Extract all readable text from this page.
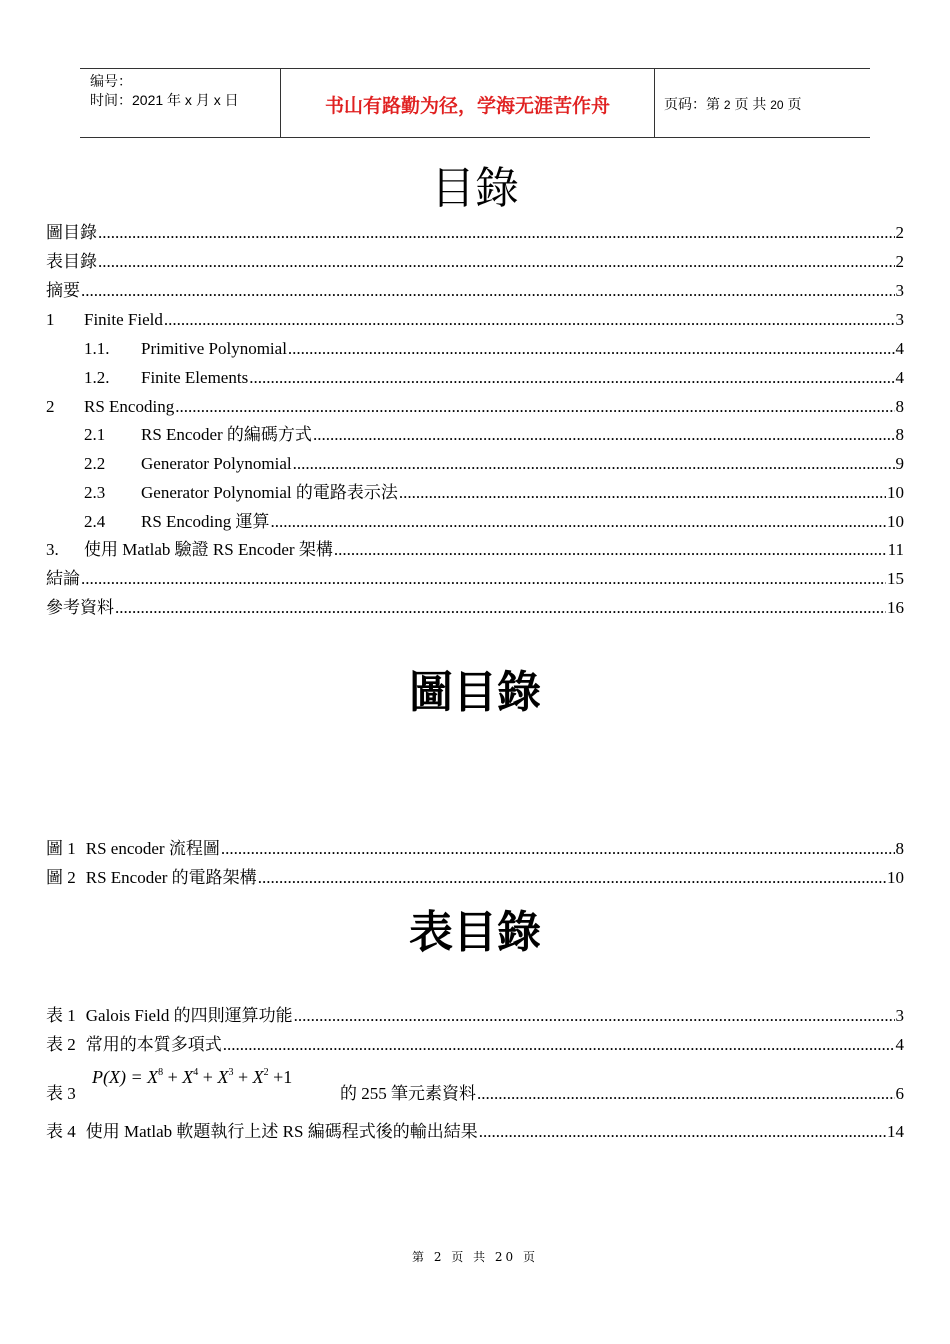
编号：
时间：2021 年 x 月 x 日	书山有路勤为径，学海无涯苦作舟	页码：第 2 页 共 20 页
目錄
圖目錄 .....	2
表目錄 .....	2
摘要 .....	3
1	Finite Field .....	3
1.1.	Primitive Polynomial .....	4
1.2.	Finite Elements .....	4
2	RS Encoding .....	8
2.1	RS Encoder 的編碼方式 .....	8
2.2	Generator Polynomial .....	9
2.3	Generator Polynomial 的電路表示法 .....	10
2.4	RS Encoding 運算 .....	10
3.	使用 Matlab 驗證 RS Encoder 架構 .....	11
結論 .....	15
參考資料 .....	16
圖目錄
圖 1 RS encoder 流程圖 .....	8
圖 2 RS Encoder 的電路架構 .....	10
表目錄
表 1 Galois Field 的四則運算功能 .....	3
表 2 常用的本質多項式 .....	4
$P(X) = X^8 + X^4 + X^3 + X^2 +1$
表 3	的 255 筆元素資料 .....	6
表 4 使用 Matlab 軟題執行上述 RS 編碼程式後的輸出結果 .....	14
第 2 页 共 20 页
